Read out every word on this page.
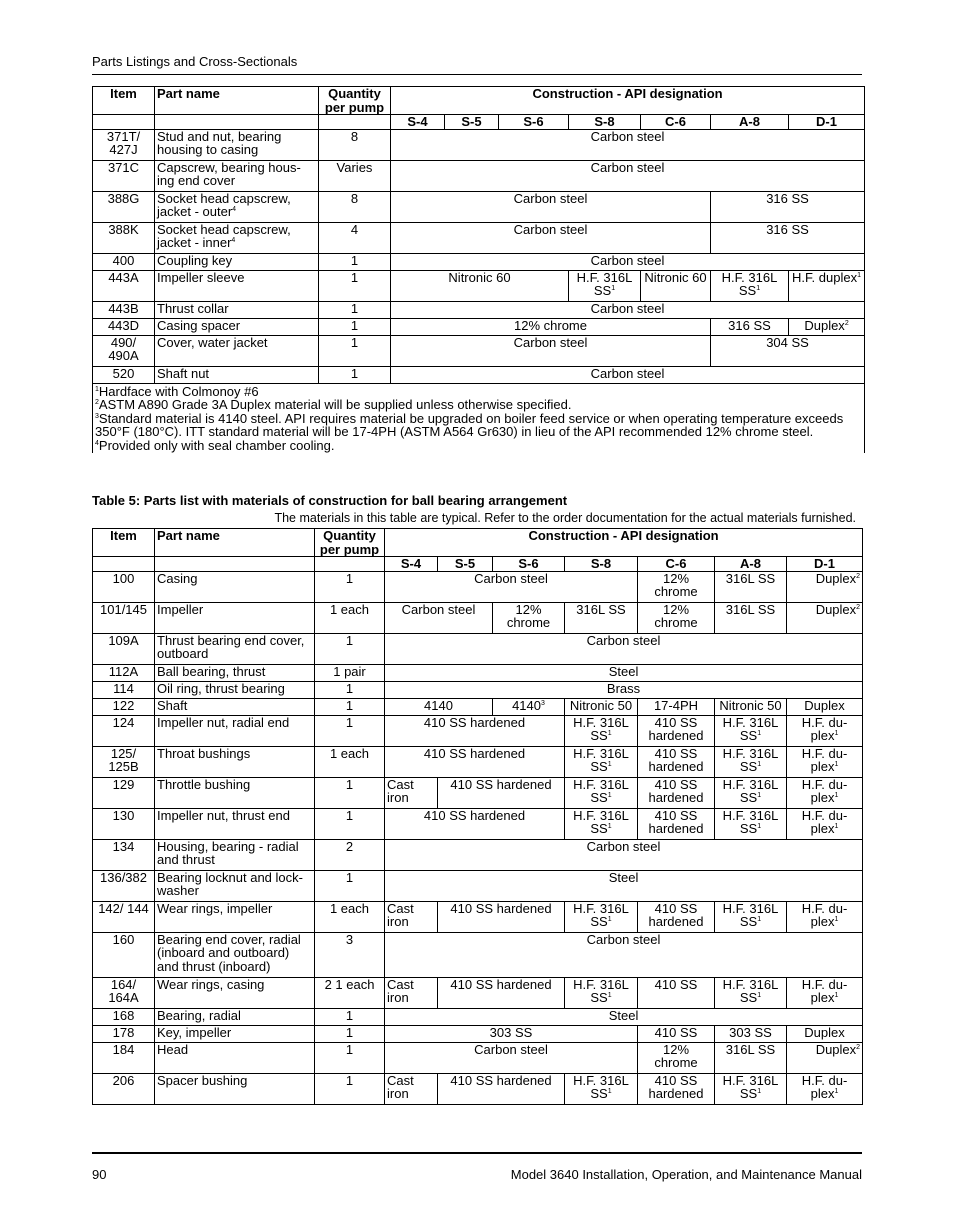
Parts Listings and Cross-Sectionals
Item	Part name	Quantity per pump	Construction - API designation						
			S-4	S-5	S-6	S-8	C-6	A-8	D-1
371T/ 427J	Stud and nut, bearing housing to casing	8	Carbon steel						
371C	Capscrew, bearing hous- ing end cover	Varies	Carbon steel						
388G	Socket head capscrew, jacket - outer$^4$	8	Carbon steel					316 SS	
388K	Socket head capscrew, jacket - inner$^4$	4	Carbon steel					316 SS	
400	Coupling key	1	Carbon steel						
443A	Impeller sleeve	1	Nitronic 60			H.F. 316L $SS^1$	Nitronic 60	H.F. 316L $SS^1$	H.F. duplex$^1$
443B	Thrust collar	1	Carbon steel						
443D	Casing spacer	1	12% chrome					316 SS	Duplex$^2$
490/ 490A	Cover, water jacket	1	Carbon steel					304 SS	
520	Shaft nut	1	Carbon steel						

$^1$Hardface with Colmonoy #6
$^2$ASTM A890 Grade 3A Duplex material will be supplied unless otherwise specified.
$^3$Standard material is 4140 steel. API requires material be upgraded on boiler feed service or when operating temperature exceeds 350°F (180°C). ITT standard material will be 17-4PH (ASTM A564 Gr630) in lieu of the API recommended 12% chrome steel.
$^4$Provided only with seal chamber cooling.									
Table 5: Parts list with materials of construction for ball bearing arrangement
The materials in this table are typical. Refer to the order documentation for the actual materials furnished.
Item	Part name	Quantity per pump	Construction - API designation						
			S-4	S-5	S-6	S-8	C-6	A-8	D-1
100	Casing	1	Carbon steel				12% chrome	316L SS	Duplex$^2$
101/145	Impeller	1 each	Carbon steel		12% chrome	316L SS	12% chrome	316L SS	Duplex$^2$
109A	Thrust bearing end cover, outboard	1	Carbon steel						
112A	Ball bearing, thrust	1 pair	Steel						
114	Oil ring, thrust bearing	1	Brass						
122	Shaft	1	4140		4140$^3$	Nitronic 50	17-4PH	Nitronic 50	Duplex
124	Impeller nut, radial end	1	410 SS hardened			H.F. 316L $SS^1$	410 SS hardened	H.F. 316L $SS^1$	H.F. du- plex$^1$
125/ 125B	Throat bushings	1 each	410 SS hardened			H.F. 316L $SS^1$	410 SS hardened	H.F. 316L $SS^1$	H.F. du- plex$^1$
129	Throttle bushing	1	Cast iron	410 SS hardened		H.F. 316L $SS^1$	410 SS hardened	H.F. 316L $SS^1$	H.F. du- plex$^1$
130	Impeller nut, thrust end	1	410 SS hardened			H.F. 316L $SS^1$	410 SS hardened	H.F. 316L $SS^1$	H.F. du- plex$^1$
134	Housing, bearing - radial and thrust	2	Carbon steel						
136/382	Bearing locknut and lock- washer	1	Steel						
142/ 144	Wear rings, impeller	1 each	Cast iron	410 SS hardened		H.F. 316L $SS^1$	410 SS hardened	H.F. 316L $SS^1$	H.F. du- plex$^1$
160	Bearing end cover, radial (inboard and outboard) and thrust (inboard)	3	Carbon steel						
164/ 164A	Wear rings, casing	2 1 each	Cast iron	410 SS hardened		H.F. 316L $SS^1$	410 SS	H.F. 316L $SS^1$	H.F. du- plex$^1$
168	Bearing, radial	1	Steel						
178	Key, impeller	1	303 SS				410 SS	303 SS	Duplex
184	Head	1	Carbon steel				12% chrome	316L SS	Duplex$^2$
206	Spacer bushing	1	Cast iron	410 SS hardened		H.F. 316L $SS^1$	410 SS hardened	H.F. 316L $SS^1$	H.F. du- plex$^1$
90	Model 3640 Installation, Operation, and Maintenance Manual
